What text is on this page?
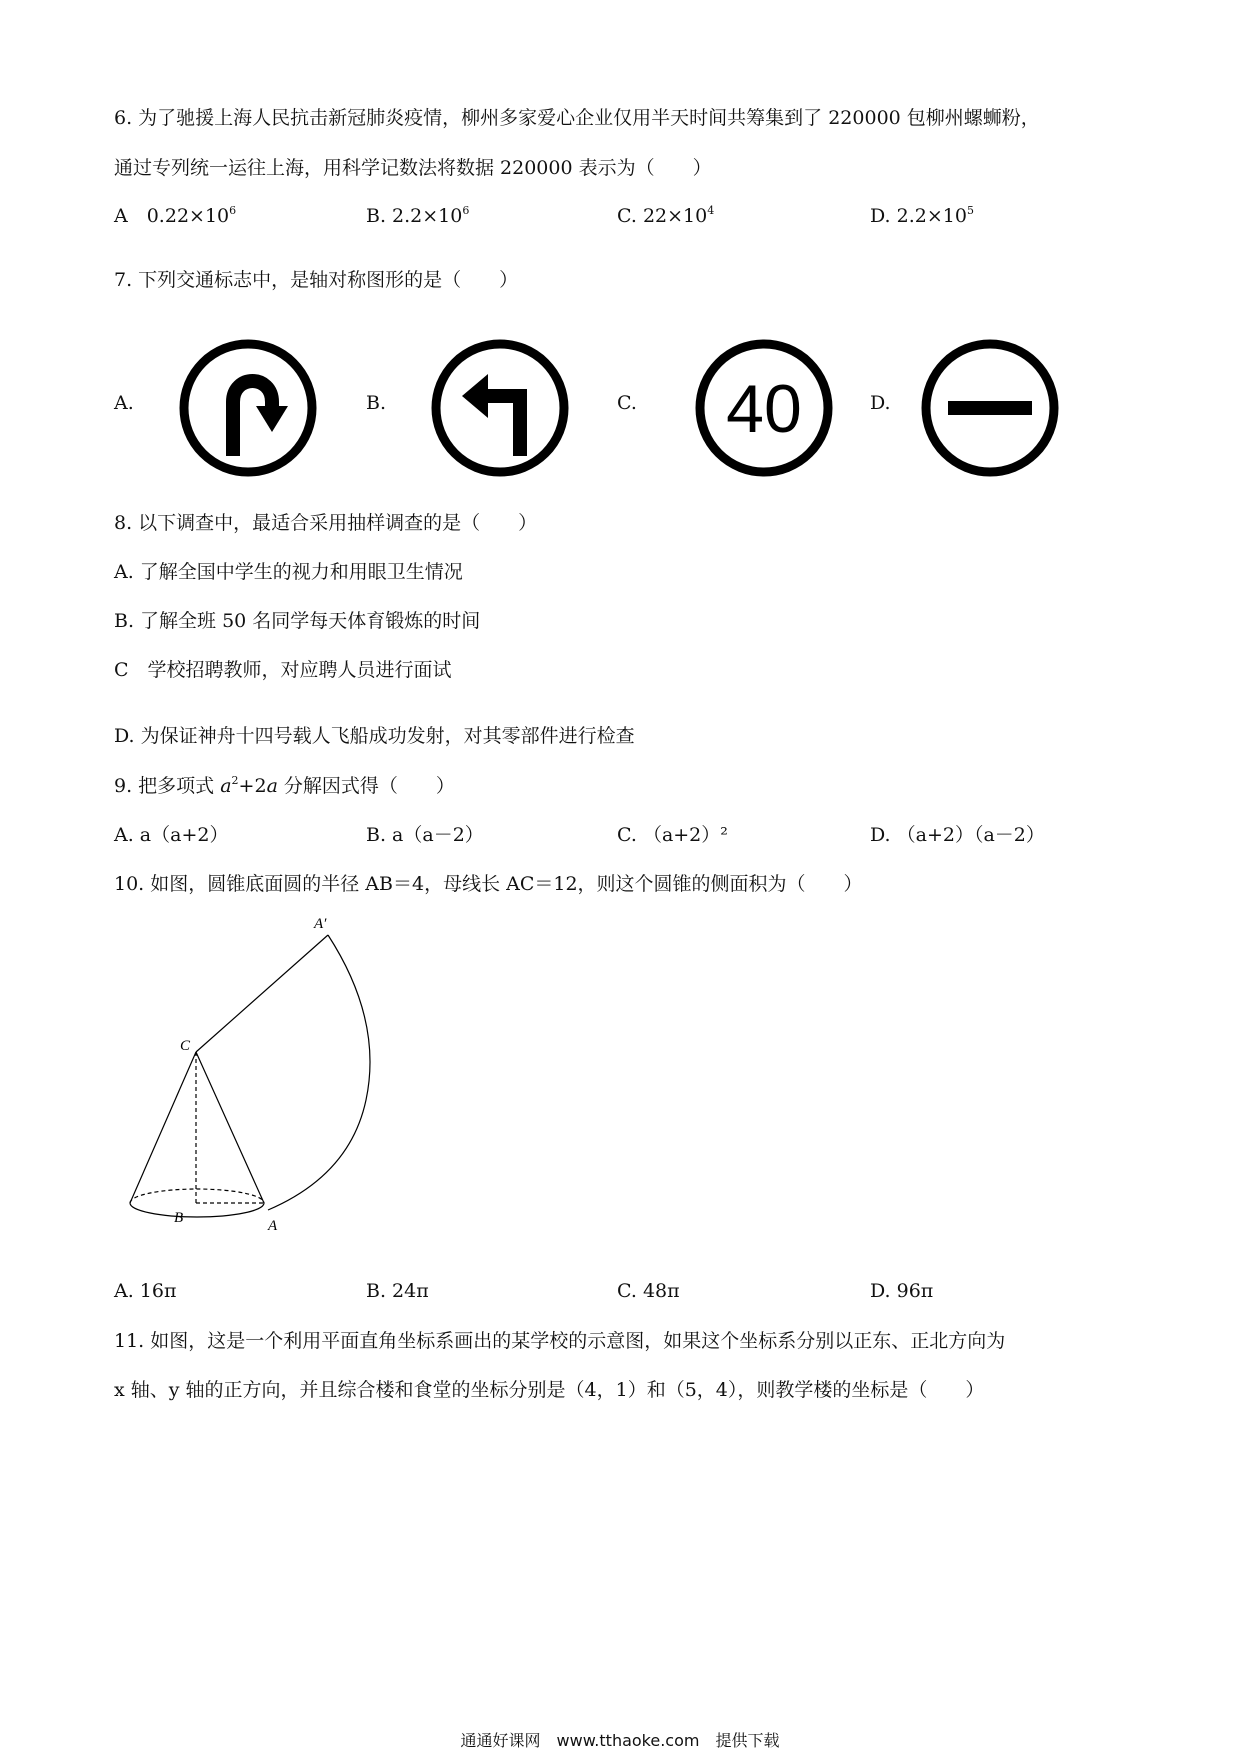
6. 为了驰援上海人民抗击新冠肺炎疫情，柳州多家爱心企业仅用半天时间共筹集到了 220000 包柳州螺蛳粉，
通过专列统一运往上海，用科学记数法将数据 220000 表示为（　　）
A　$0.22\times 10^6$	B. $2.2\times 10^6$	C. $22\times 10^4$	D. $2.2\times 10^5$
7. 下列交通标志中，是轴对称图形的是（　　）
A.	B.	C. 40	D.
8. 以下调查中，最适合采用抽样调查的是（　　）
A. 了解全国中学生的视力和用眼卫生情况
B. 了解全班 50 名同学每天体育锻炼的时间
C　学校招聘教师，对应聘人员进行面试
D. 为保证神舟十四号载人飞船成功发射，对其零部件进行检查
9. 把多项式 $a^2+2a$ 分解因式得（　　）
A. a（a+2）	B. a（a－2）	C. （a+2）²	D. （a+2）（a－2）
10. 如图，圆锥底面圆的半径 AB＝4，母线长 AC＝12，则这个圆锥的侧面积为（　　）
A′
C
B	A
A. 16π	B. 24π	C. 48π	D. 96π
11. 如图，这是一个利用平面直角坐标系画出的某学校的示意图，如果这个坐标系分别以正东、正北方向为
x 轴、y 轴的正方向，并且综合楼和食堂的坐标分别是（4，1）和（5，4），则教学楼的坐标是（　　）
通通好课网　www.tthaoke.com　提供下载
